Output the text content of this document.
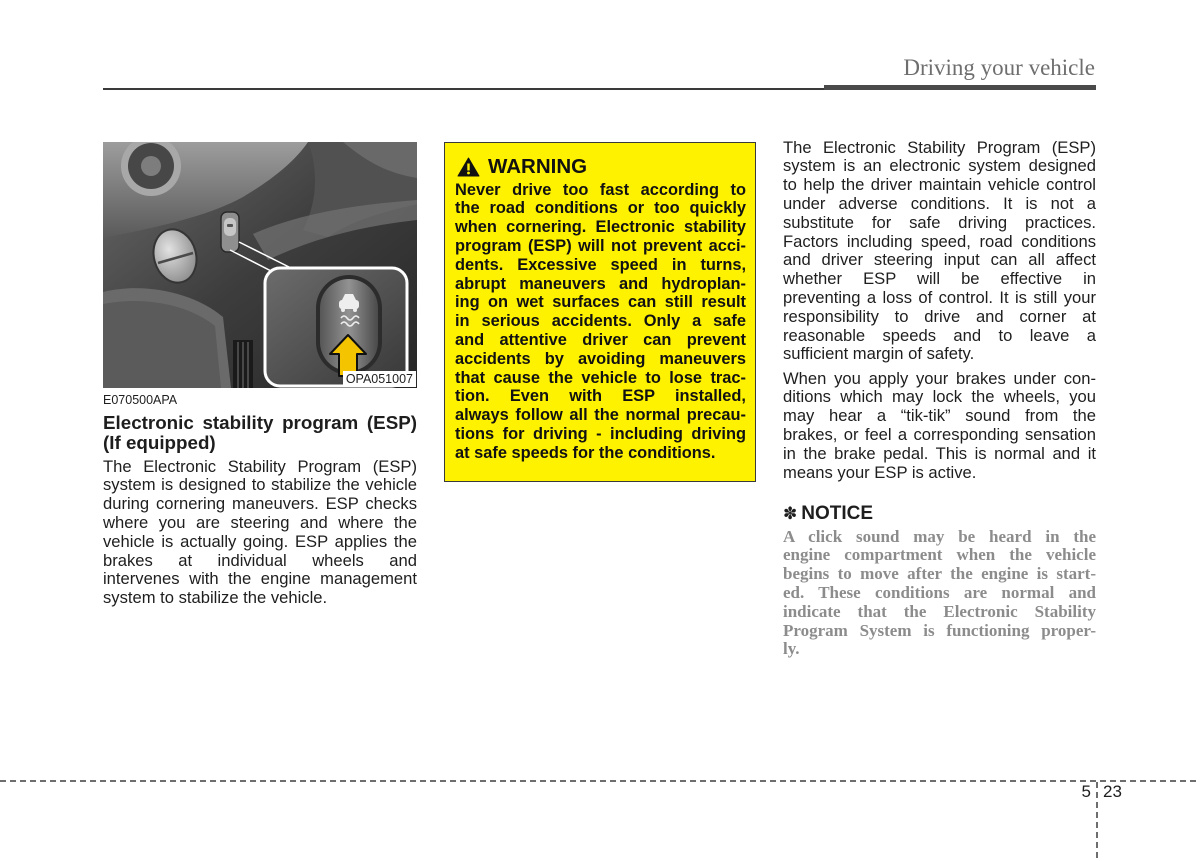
Driving your vehicle
OPA051007
E070500APA
Electronic stability program (ESP)
(If equipped)
The Electronic Stability Program (ESP)
system is designed to stabilize the vehicle
during cornering maneuvers. ESP checks
where you are steering and where the
vehicle is actually going. ESP applies the
brakes at individual wheels and
intervenes with the engine management
system to stabilize the vehicle.
WARNING
Never drive too fast according to
the road conditions or too quickly
when cornering. Electronic stability
program (ESP) will not prevent acci-
dents. Excessive speed in turns,
abrupt maneuvers and hydroplan-
ing on wet surfaces can still result
in serious accidents. Only a safe
and attentive driver can prevent
accidents by avoiding maneuvers
that cause the vehicle to lose trac-
tion. Even with ESP installed,
always follow all the normal precau-
tions for driving - including driving
at safe speeds for the conditions.
The Electronic Stability Program (ESP)
system is an electronic system designed
to help the driver maintain vehicle control
under adverse conditions. It is not a
substitute for safe driving practices.
Factors including speed, road conditions
and driver steering input can all affect
whether ESP will be effective in
preventing a loss of control. It is still your
responsibility to drive and corner at
reasonable speeds and to leave a
sufficient margin of safety.
When you apply your brakes under con-
ditions which may lock the wheels, you
may hear a “tik-tik” sound from the
brakes, or feel a corresponding sensation
in the brake pedal. This is normal and it
means your ESP is active.
✽ NOTICE
A click sound may be heard in the
engine compartment when the vehicle
begins to move after the engine is start-
ed. These conditions are normal and
indicate that the Electronic Stability
Program System is functioning proper-
ly.
5 23
